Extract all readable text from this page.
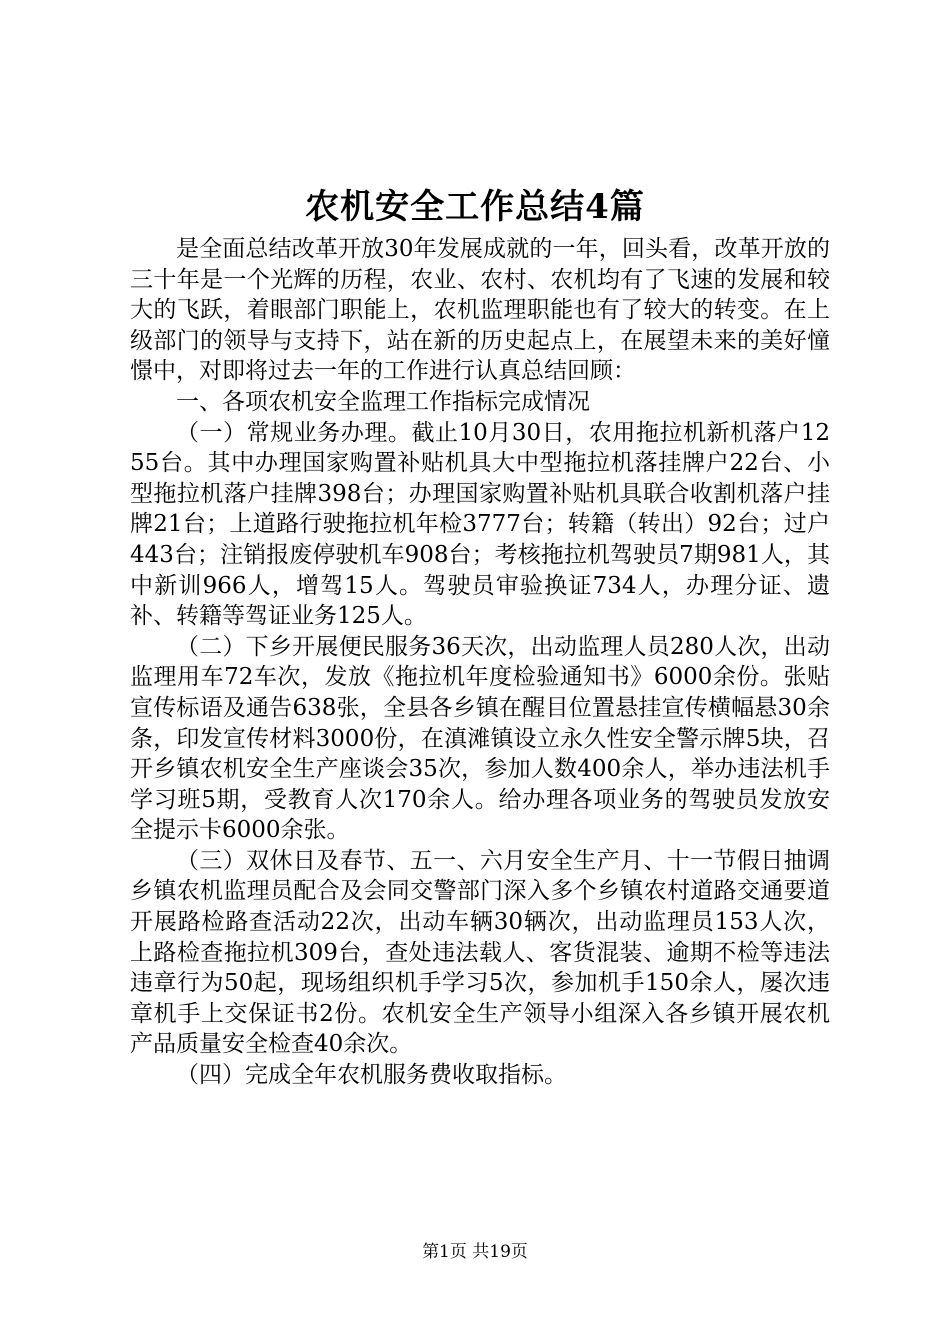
农机安全工作总结4篇

是全面总结改革开放30年发展成就的一年，回头看，改革开放的三十年是一个光辉的历程，农业、农村、农机均有了飞速的发展和较大的飞跃，着眼部门职能上，农机监理职能也有了较大的转变。在上级部门的领导与支持下，站在新的历史起点上，在展望未来的美好憧憬中，对即将过去一年的工作进行认真总结回顾：

一、各项农机安全监理工作指标完成情况

（一）常规业务办理。截止10月30日，农用拖拉机新机落户1255台。其中办理国家购置补贴机具大中型拖拉机落挂牌户22台、小型拖拉机落户挂牌398台；办理国家购置补贴机具联合收割机落户挂牌21台；上道路行驶拖拉机年检3777台；转籍（转出）92台；过户443台；注销报废停驶机车908台；考核拖拉机驾驶员7期981人，其中新训966人，增驾15人。驾驶员审验换证734人，办理分证、遗补、转籍等驾证业务125人。

（二）下乡开展便民服务36天次，出动监理人员280人次，出动监理用车72车次，发放《拖拉机年度检验通知书》6000余份。张贴宣传标语及通告638张，全县各乡镇在醒目位置悬挂宣传横幅悬30余条，印发宣传材料3000份，在滇滩镇设立永久性安全警示牌5块，召开乡镇农机安全生产座谈会35次，参加人数400余人，举办违法机手学习班5期，受教育人次170余人。给办理各项业务的驾驶员发放安全提示卡6000余张。

（三）双休日及春节、五一、六月安全生产月、十一节假日抽调乡镇农机监理员配合及会同交警部门深入多个乡镇农村道路交通要道开展路检路查活动22次，出动车辆30辆次，出动监理员153人次，上路检查拖拉机309台，查处违法载人、客货混装、逾期不检等违法违章行为50起，现场组织机手学习5次，参加机手150余人，屡次违章机手上交保证书2份。农机安全生产领导小组深入各乡镇开展农机产品质量安全检查40余次。

（四）完成全年农机服务费收取指标。

第1页 共19页
